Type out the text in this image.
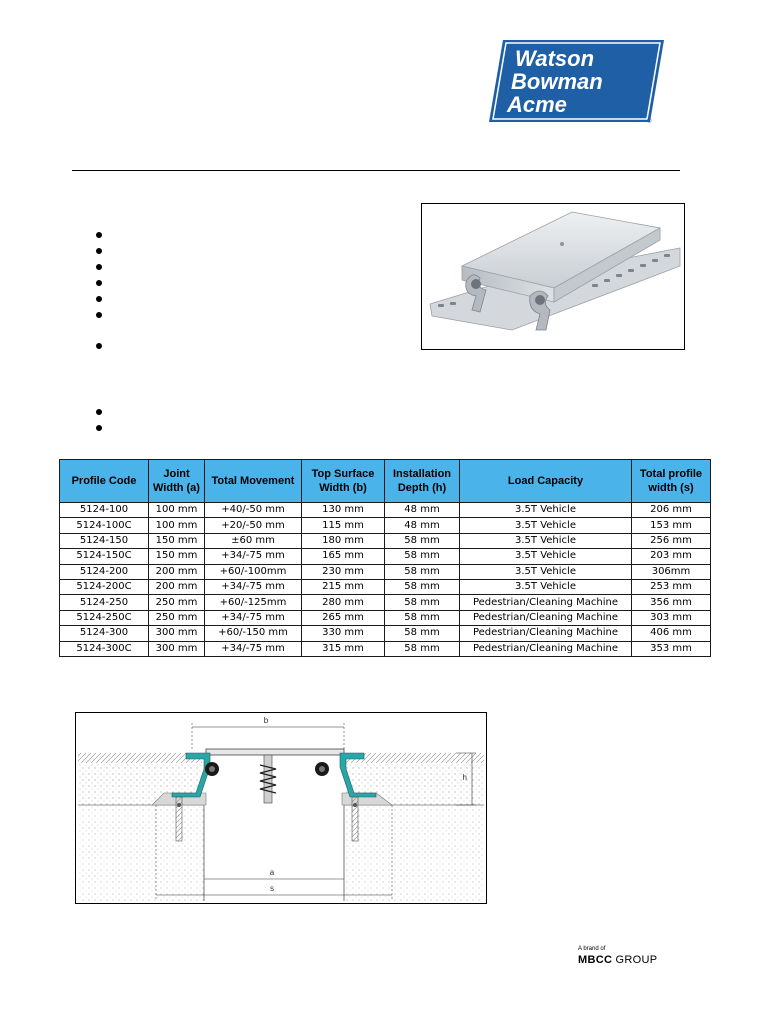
Watson
Bowman
Acme
®
Profile Code	Joint Width (a)	Total Movement	Top Surface Width (b)	Installation Depth (h)	Load Capacity	Total profile width (s)
5124-100	100 mm	+40/-50 mm	130 mm	48 mm	3.5T Vehicle	206 mm
5124-100C	100 mm	+20/-50 mm	115 mm	48 mm	3.5T Vehicle	153 mm
5124-150	150 mm	±60 mm	180 mm	58 mm	3.5T Vehicle	256 mm
5124-150C	150 mm	+34/-75 mm	165 mm	58 mm	3.5T Vehicle	203 mm
5124-200	200 mm	+60/-100mm	230 mm	58 mm	3.5T Vehicle	306mm
5124-200C	200 mm	+34/-75 mm	215 mm	58 mm	3.5T Vehicle	253 mm
5124-250	250 mm	+60/-125mm	280 mm	58 mm	Pedestrian/Cleaning Machine	356 mm
5124-250C	250 mm	+34/-75 mm	265 mm	58 mm	Pedestrian/Cleaning Machine	303 mm
5124-300	300 mm	+60/-150 mm	330 mm	58 mm	Pedestrian/Cleaning Machine	406 mm
5124-300C	300 mm	+34/-75 mm	315 mm	58 mm	Pedestrian/Cleaning Machine	353 mm
b
h
a
s
A brand of
MBCC GROUP
